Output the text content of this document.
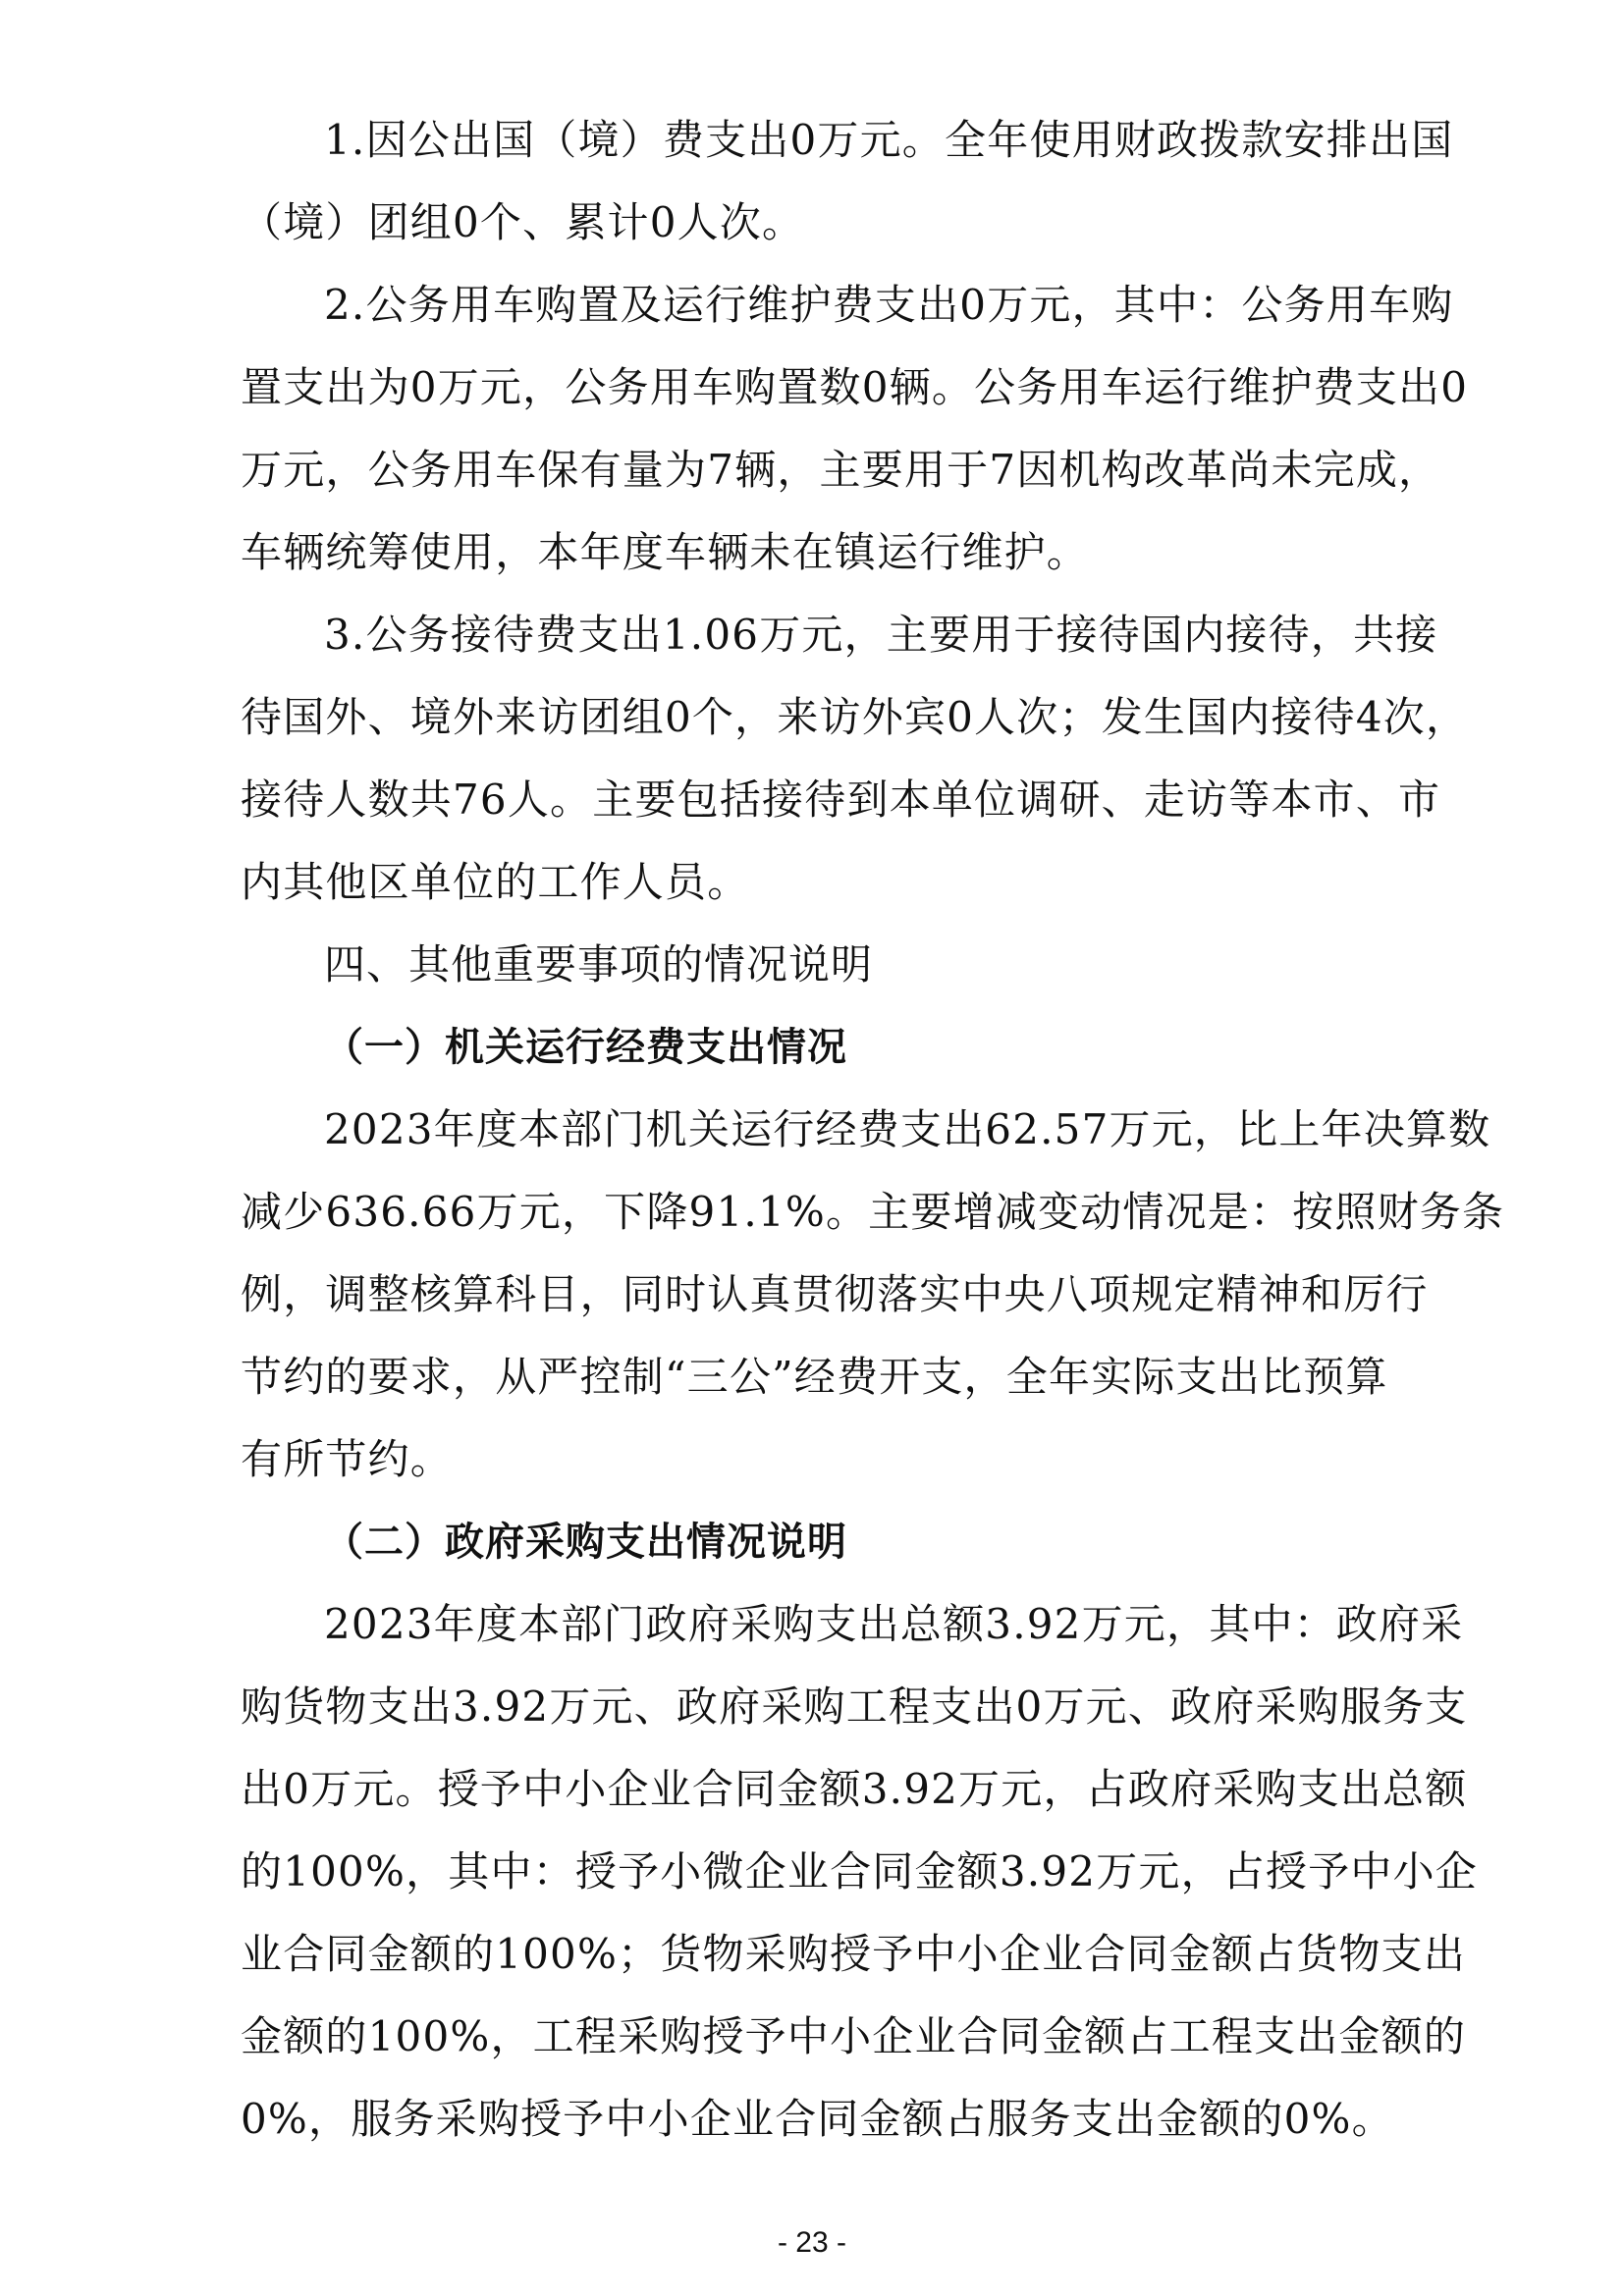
1.因公出国（境）费支出0万元。全年使用财政拨款安排出国
（境）团组0个、累计0人次。
2.公务用车购置及运行维护费支出0万元，其中：公务用车购
置支出为0万元，公务用车购置数0辆。公务用车运行维护费支出0
万元，公务用车保有量为7辆，主要用于7因机构改革尚未完成，
车辆统筹使用，本年度车辆未在镇运行维护。
3.公务接待费支出1.06万元，主要用于接待国内接待，共接
待国外、境外来访团组0个，来访外宾0人次；发生国内接待4次，
接待人数共76人。主要包括接待到本单位调研、走访等本市、市
内其他区单位的工作人员。
四、其他重要事项的情况说明
（一）机关运行经费支出情况
2023年度本部门机关运行经费支出62.57万元，比上年决算数
减少636.66万元，下降91.1%。主要增减变动情况是：按照财务条
例，调整核算科目，同时认真贯彻落实中央八项规定精神和厉行
节约的要求，从严控制“三公”经费开支，全年实际支出比预算
有所节约。
（二）政府采购支出情况说明
2023年度本部门政府采购支出总额3.92万元，其中：政府采
购货物支出3.92万元、政府采购工程支出0万元、政府采购服务支
出0万元。授予中小企业合同金额3.92万元，占政府采购支出总额
的100%，其中：授予小微企业合同金额3.92万元，占授予中小企
业合同金额的100%；货物采购授予中小企业合同金额占货物支出
金额的100%，工程采购授予中小企业合同金额占工程支出金额的
0%，服务采购授予中小企业合同金额占服务支出金额的0%。
- 23 -
